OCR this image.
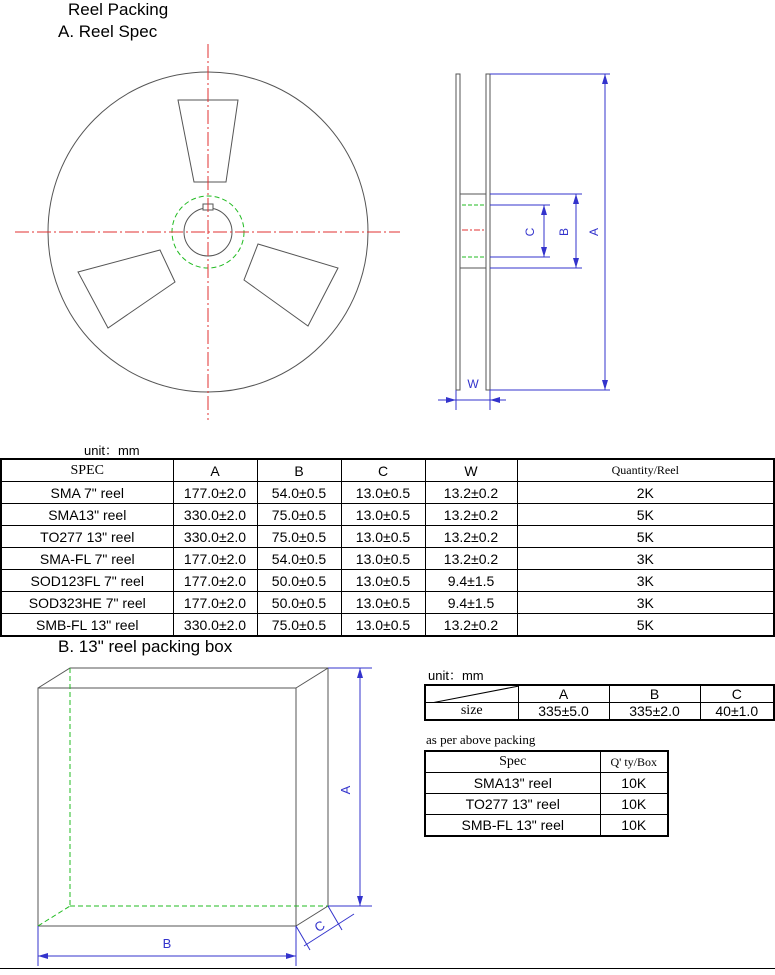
Reel Packing
A. Reel Spec
A
B
C
W
unit：mm
SPEC	A	B	C	W	Quantity/Reel
SMA 7" reel	177.0±2.0	54.0±0.5	13.0±0.5	13.2±0.2	2K
SMA13" reel	330.0±2.0	75.0±0.5	13.0±0.5	13.2±0.2	5K
TO277 13" reel	330.0±2.0	75.0±0.5	13.0±0.5	13.2±0.2	5K
SMA-FL 7" reel	177.0±2.0	54.0±0.5	13.0±0.5	13.2±0.2	3K
SOD123FL 7" reel	177.0±2.0	50.0±0.5	13.0±0.5	9.4±1.5	3K
SOD323HE 7" reel	177.0±2.0	50.0±0.5	13.0±0.5	9.4±1.5	3K
SMB-FL 13" reel	330.0±2.0	75.0±0.5	13.0±0.5	13.2±0.2	5K
B. 13" reel packing box
A
B
C
unit：mm
	A	B	C
size	335±5.0	335±2.0	40±1.0
as per above packing
Spec	Q' ty/Box
SMA13" reel	10K
TO277 13" reel	10K
SMB-FL 13" reel	10K
